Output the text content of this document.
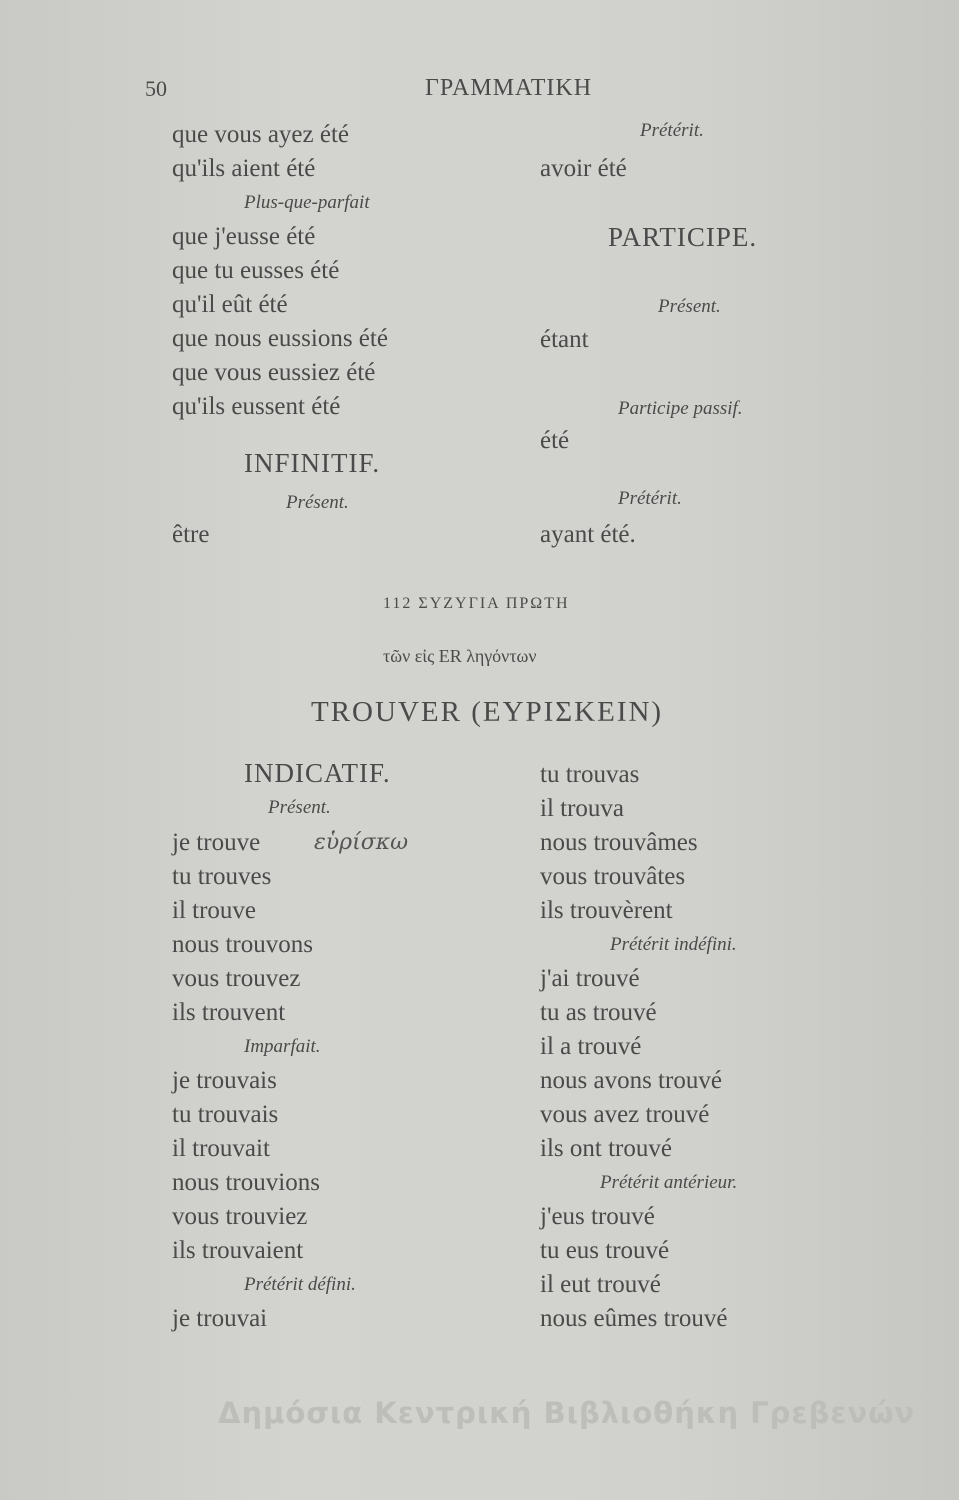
50	ΓΡΑΜΜΑΤΙΚΗ
que vous ayez été
qu'ils aient été
Plus-que-parfait
que j'eusse été
que tu eusses été
qu'il eût été
que nous eussions été
que vous eussiez été
qu'ils eussent été
INFINITIF.
Présent.
être
Prétérit.
avoir été
PARTICIPE.
Présent.
étant
Participe passif.
été
Prétérit.
ayant été.
112 ΣΥΖΥΓΙΑ ΠΡΩΤΗ
τῶν εἰς ER ληγόντων
TROUVER (ΕΥΡΙΣΚΕΙΝ)
INDICATIF.
Présent.
je trouve
tu trouves
il trouve
nous trouvons
vous trouvez
ils trouvent
Imparfait.
je trouvais
tu trouvais
il trouvait
nous trouvions
vous trouviez
ils trouvaient
Prétérit défini.
je trouvai
tu trouvas
il trouva
nous trouvâmes
vous trouvâtes
ils trouvèrent
Prétérit indéfini.
j'ai trouvé
tu as trouvé
il a trouvé
nous avons trouvé
vous avez trouvé
ils ont trouvé
Prétérit antérieur.
j'eus trouvé
tu eus trouvé
il eut trouvé
nous eûmes trouvé
εὑρίσκω
Δημόσια Κεντρική Βιβλιοθήκη Γρεβενών
